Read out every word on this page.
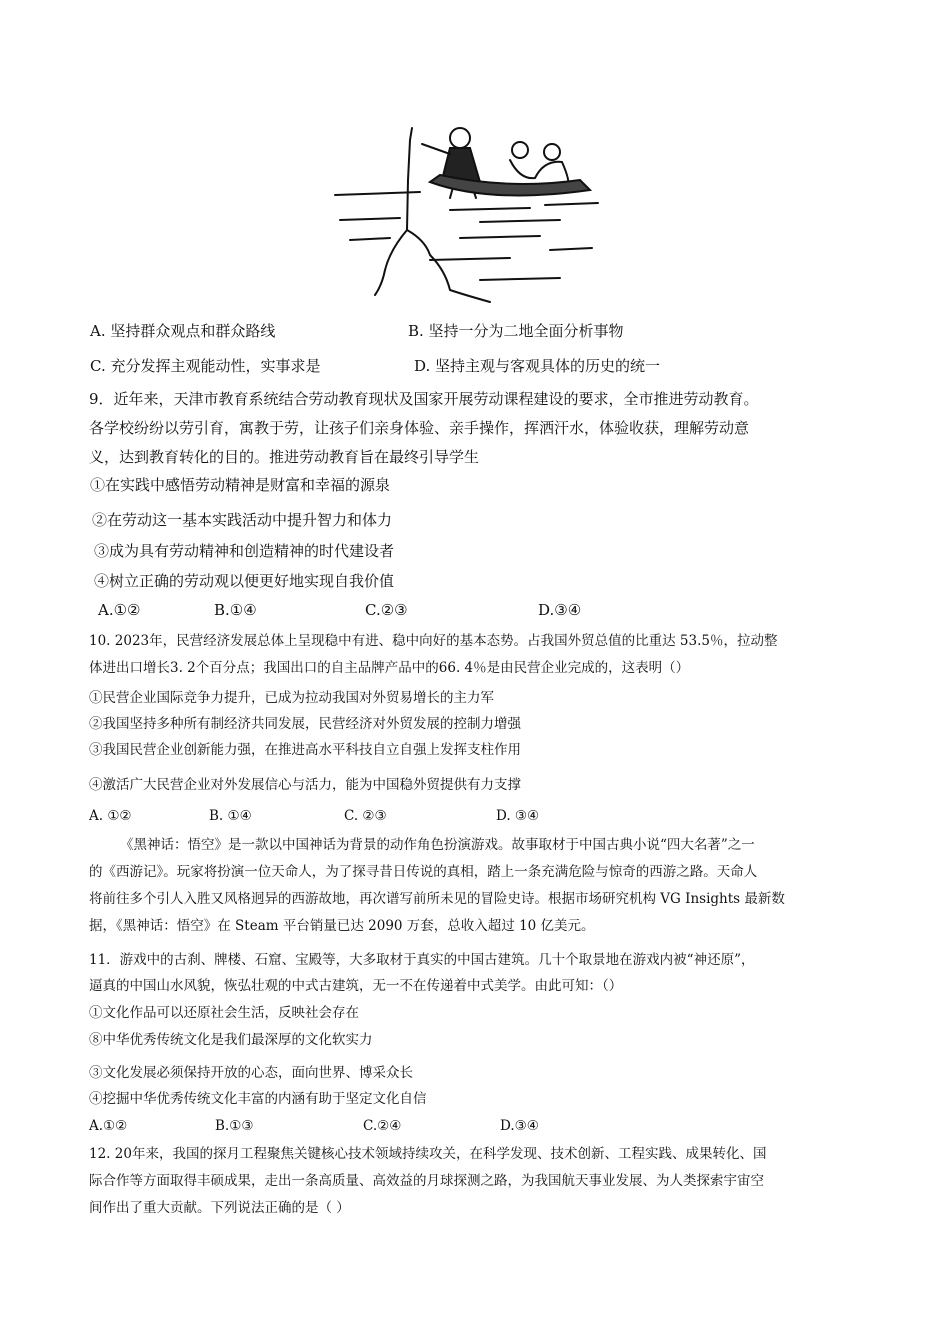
A. 坚持群众观点和群众路线	B. 坚持一分为二地全面分析事物
C. 充分发挥主观能动性，实事求是	D. 坚持主观与客观具体的历史的统一
9．近年来，天津市教育系统结合劳动教育现状及国家开展劳动课程建设的要求，全市推进劳动教育。
各学校纷纷以劳引育，寓教于劳，让孩子们亲身体验、亲手操作，挥洒汗水，体验收获，理解劳动意
义，达到教育转化的目的。推进劳动教育旨在最终引导学生
①在实践中感悟劳动精神是财富和幸福的源泉
②在劳动这一基本实践活动中提升智力和体力
③成为具有劳动精神和创造精神的时代建设者
④树立正确的劳动观以便更好地实现自我价值
A.①②	B.①④	C.②③	D.③④
10. 2023年，民营经济发展总体上呈现稳中有进、稳中向好的基本态势。占我国外贸总值的比重达 53.5％，拉动整
体进出口增长3. 2个百分点；我国出口的自主品牌产品中的66. 4％是由民营企业完成的，这表明（）
①民营企业国际竞争力提升，已成为拉动我国对外贸易增长的主力军
②我国坚持多种所有制经济共同发展，民营经济对外贸发展的控制力增强
③我国民营企业创新能力强，在推进高水平科技自立自强上发挥支柱作用
④激活广大民营企业对外发展信心与活力，能为中国稳外贸提供有力支撑
A. ①②	B. ①④	C. ②③	D. ③④
《黑神话：悟空》是一款以中国神话为背景的动作角色扮演游戏。故事取材于中国古典小说“四大名著”之一
的《西游记》。玩家将扮演一位天命人，为了探寻昔日传说的真相，踏上一条充满危险与惊奇的西游之路。天命人
将前往多个引人入胜又风格迥异的西游故地，再次谱写前所未见的冒险史诗。根据市场研究机构 VG Insights 最新数
据，《黑神话：悟空》在 Steam 平台销量已达 2090 万套，总收入超过 10 亿美元。
11．游戏中的古刹、牌楼、石窟、宝殿等，大多取材于真实的中国古建筑。几十个取景地在游戏内被“神还原”，
逼真的中国山水风貌，恢弘壮观的中式古建筑，无一不在传递着中式美学。由此可知：（）
①文化作品可以还原社会生活，反映社会存在
⑧中华优秀传统文化是我们最深厚的文化软实力
③文化发展必须保持开放的心态，面向世界、博采众长
④挖掘中华优秀传统文化丰富的内涵有助于坚定文化自信
A.①②	B.①③	C.②④	D.③④
12. 20年来，我国的探月工程聚焦关键核心技术领域持续攻关，在科学发现、技术创新、工程实践、成果转化、国
际合作等方面取得丰硕成果，走出一条高质量、高效益的月球探测之路，为我国航天事业发展、为人类探索宇宙空
间作出了重大贡献。下列说法正确的是（ ）
